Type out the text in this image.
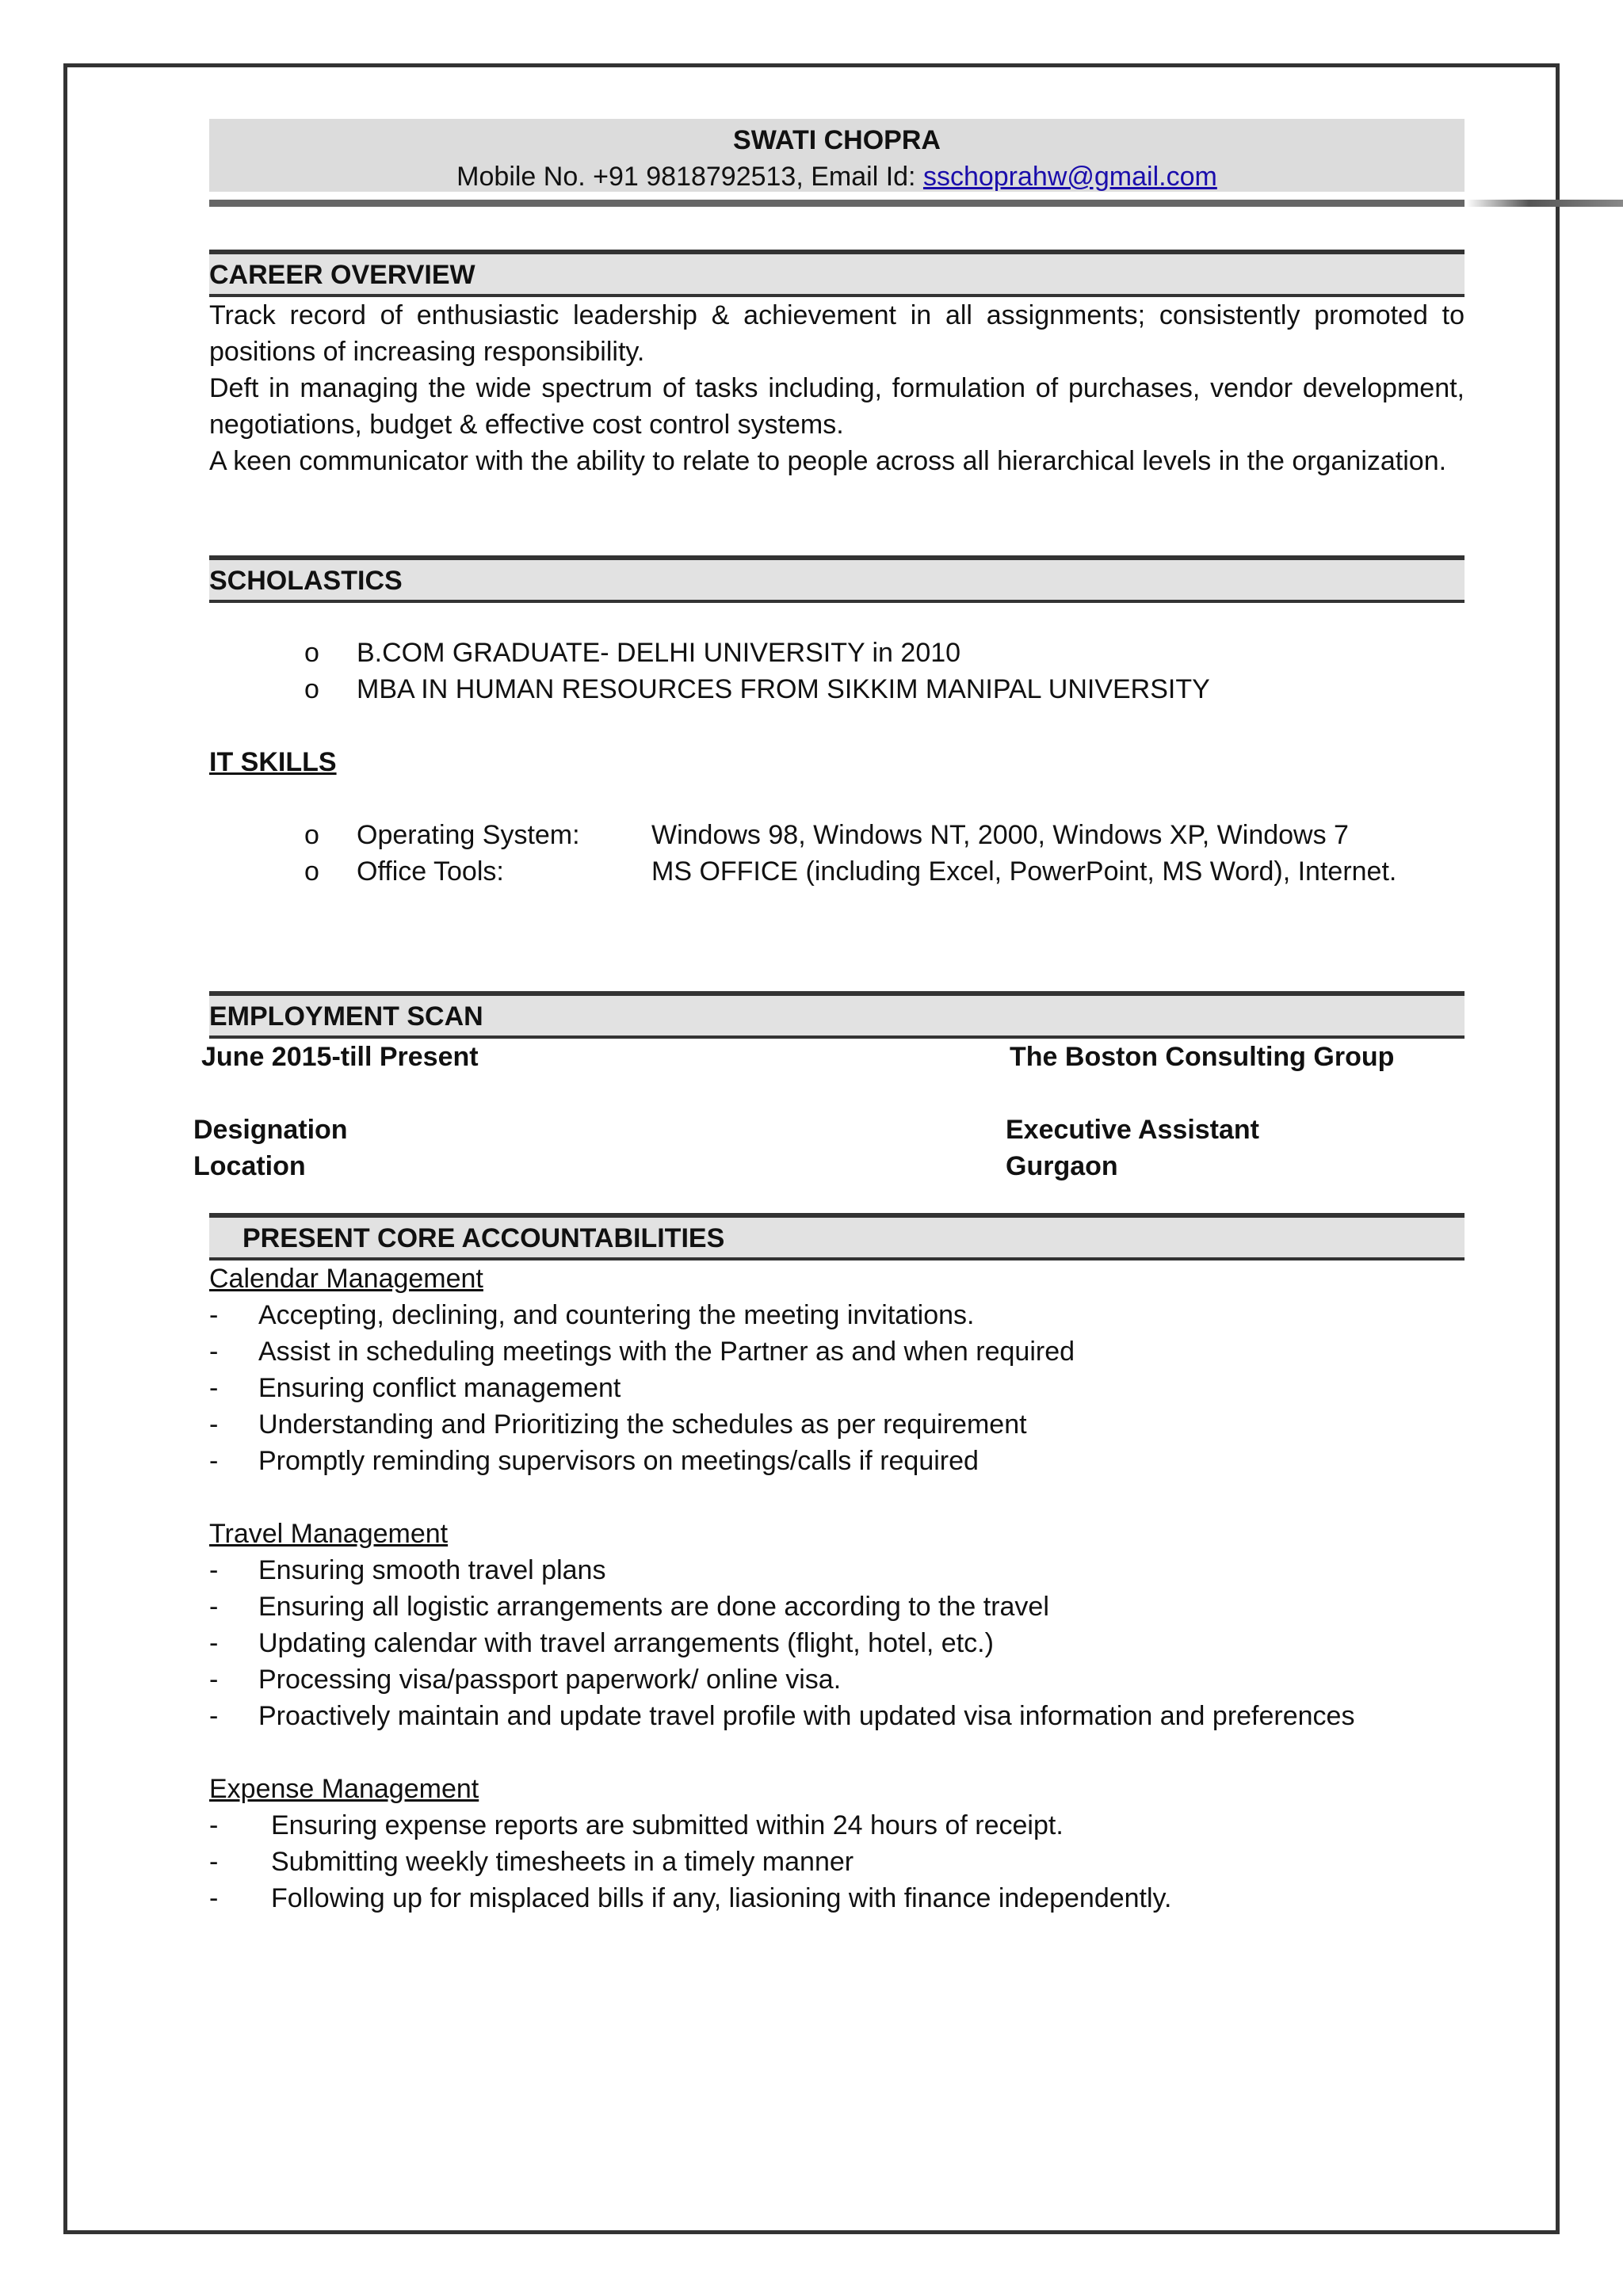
SWATI CHOPRA
Mobile No. +91 9818792513, Email Id: sschoprahw@gmail.com
CAREER OVERVIEW

Track record of enthusiastic leadership & achievement in all assignments; consistently promoted to positions of increasing responsibility.

Deft in managing the wide spectrum of tasks including, formulation of purchases, vendor development, negotiations, budget & effective cost control systems.

A keen communicator with the ability to relate to people across all hierarchical levels in the organization.

SCHOLASTICS
o B.COM GRADUATE- DELHI UNIVERSITY in 2010
o MBA IN HUMAN RESOURCES FROM SIKKIM MANIPAL UNIVERSITY
IT SKILLS
o Operating System:	Windows 98, Windows NT, 2000, Windows XP, Windows 7
o Office Tools:	MS OFFICE (including Excel, PowerPoint, MS Word), Internet.
EMPLOYMENT SCAN
June 2015-till Present	The Boston Consulting Group
Designation	Executive Assistant
Location	Gurgaon
PRESENT CORE ACCOUNTABILITIES
Calendar Management
- Accepting, declining, and countering the meeting invitations.
- Assist in scheduling meetings with the Partner as and when required
- Ensuring conflict management
- Understanding and Prioritizing the schedules as per requirement
- Promptly reminding supervisors on meetings/calls if required
Travel Management
- Ensuring smooth travel plans
- Ensuring all logistic arrangements are done according to the travel
- Updating calendar with travel arrangements (flight, hotel, etc.)
- Processing visa/passport paperwork/ online visa.
- Proactively maintain and update travel profile with updated visa information and preferences
Expense Management
- Ensuring expense reports are submitted within 24 hours of receipt.
- Submitting weekly timesheets in a timely manner
- Following up for misplaced bills if any, liasioning with finance independently.
